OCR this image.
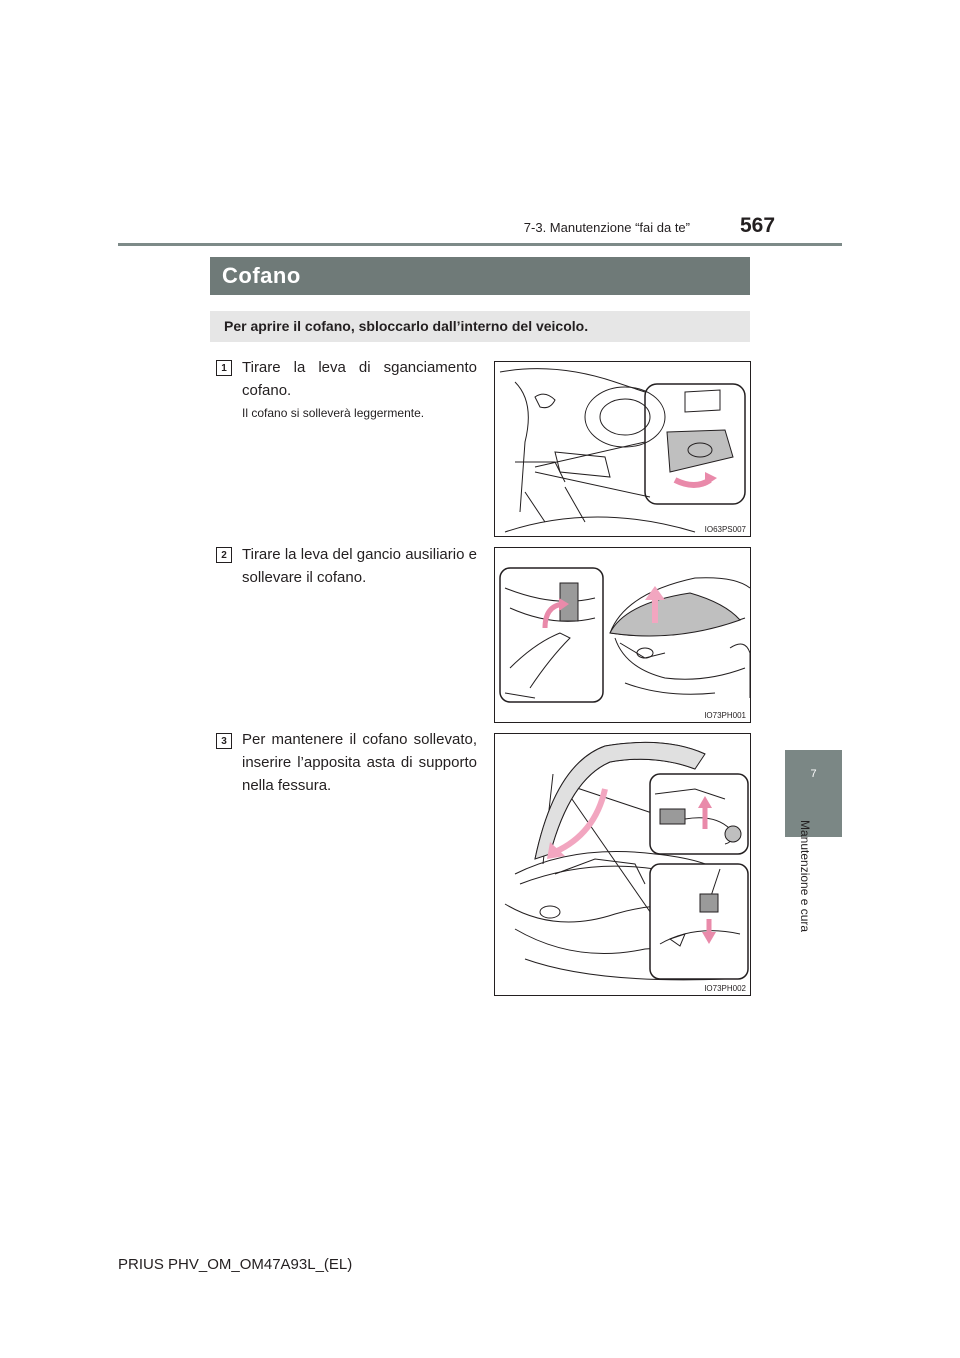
7-3. Manutenzione “fai da te” 567
7
Manutenzione e cura
Cofano
Per aprire il cofano, sbloccarlo dall’interno del veicolo.
1	Tirare la leva di sganciamento cofano.
Il cofano si solleverà leggermente.
IO63PS007
2	Tirare la leva del gancio ausiliario e sollevare il cofano.
IO73PH001
3	Per mantenere il cofano sollevato, inserire l’apposita asta di supporto nella fessura.
IO73PH002
PRIUS PHV_OM_OM47A93L_(EL)
